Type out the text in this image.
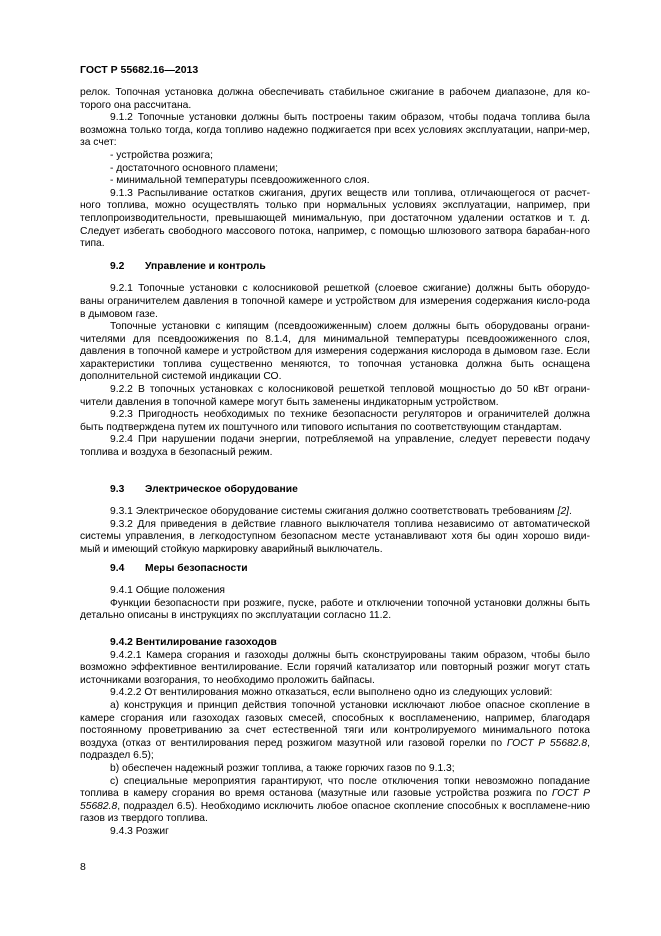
ГОСТ Р 55682.16—2013

релок. Топочная установка должна обеспечивать стабильное сжигание в рабочем диапазоне, для ко-торого она рассчитана.

9.1.2 Топочные установки должны быть построены таким образом, чтобы подача топлива была возможна только тогда, когда топливо надежно поджигается при всех условиях эксплуатации, напри-мер, за счет:

- устройства розжига;

- достаточного основного пламени;

- минимальной температуры псевдоожиженного слоя.

9.1.3 Распыливание остатков сжигания, других веществ или топлива, отличающегося от расчет-ного топлива, можно осуществлять только при нормальных условиях эксплуатации, например, при теплопроизводительности, превышающей минимальную, при достаточном удалении остатков и т. д. Следует избегать свободного массового потока, например, с помощью шлюзового затвора барабан-ного типа.

9.2 Управление и контроль

9.2.1 Топочные установки с колосниковой решеткой (слоевое сжигание) должны быть оборудо-ваны ограничителем давления в топочной камере и устройством для измерения содержания кисло-рода в дымовом газе.

Топочные установки с кипящим (псевдоожиженным) слоем должны быть оборудованы ограни-чителями для псевдоожижения по 8.1.4, для минимальной температуры псевдоожиженного слоя, давления в топочной камере и устройством для измерения содержания кислорода в дымовом газе. Если характеристики топлива существенно меняются, то топочная установка должна быть оснащена дополнительной системой индикации СО.

9.2.2 В топочных установках с колосниковой решеткой тепловой мощностью до 50 кВт ограни-чители давления в топочной камере могут быть заменены индикаторным устройством.

9.2.3 Пригодность необходимых по технике безопасности регуляторов и ограничителей должна быть подтверждена путем их поштучного или типового испытания по соответствующим стандартам.

9.2.4 При нарушении подачи энергии, потребляемой на управление, следует перевести подачу топлива и воздуха в безопасный режим.

9.3 Электрическое оборудование

9.3.1 Электрическое оборудование системы сжигания должно соответствовать требованиям [2].

9.3.2 Для приведения в действие главного выключателя топлива независимо от автоматической системы управления, в легкодоступном безопасном месте устанавливают хотя бы один хорошо види-мый и имеющий стойкую маркировку аварийный выключатель.

9.4 Меры безопасности

9.4.1 Общие положения

Функции безопасности при розжиге, пуске, работе и отключении топочной установки должны быть детально описаны в инструкциях по эксплуатации согласно 11.2.

9.4.2 Вентилирование газоходов

9.4.2.1 Камера сгорания и газоходы должны быть сконструированы таким образом, чтобы было возможно эффективное вентилирование. Если горячий катализатор или повторный розжиг могут стать источниками возгорания, то необходимо проложить байпасы.

9.4.2.2 От вентилирования можно отказаться, если выполнено одно из следующих условий:

а) конструкция и принцип действия топочной установки исключают любое опасное скопление в камере сгорания или газоходах газовых смесей, способных к воспламенению, например, благодаря постоянному проветриванию за счет естественной тяги или контролируемого минимального потока воздуха (отказ от вентилирования перед розжигом мазутной или газовой горелки по ГОСТ Р 55682.8, подраздел 6.5);

b) обеспечен надежный розжиг топлива, а также горючих газов по 9.1.3;

с) специальные мероприятия гарантируют, что после отключения топки невозможно попадание топлива в камеру сгорания во время останова (мазутные или газовые устройства розжига по ГОСТ Р 55682.8, подраздел 6.5). Необходимо исключить любое опасное скопление способных к воспламене-нию газов из твердого топлива.

9.4.3 Розжиг

8
